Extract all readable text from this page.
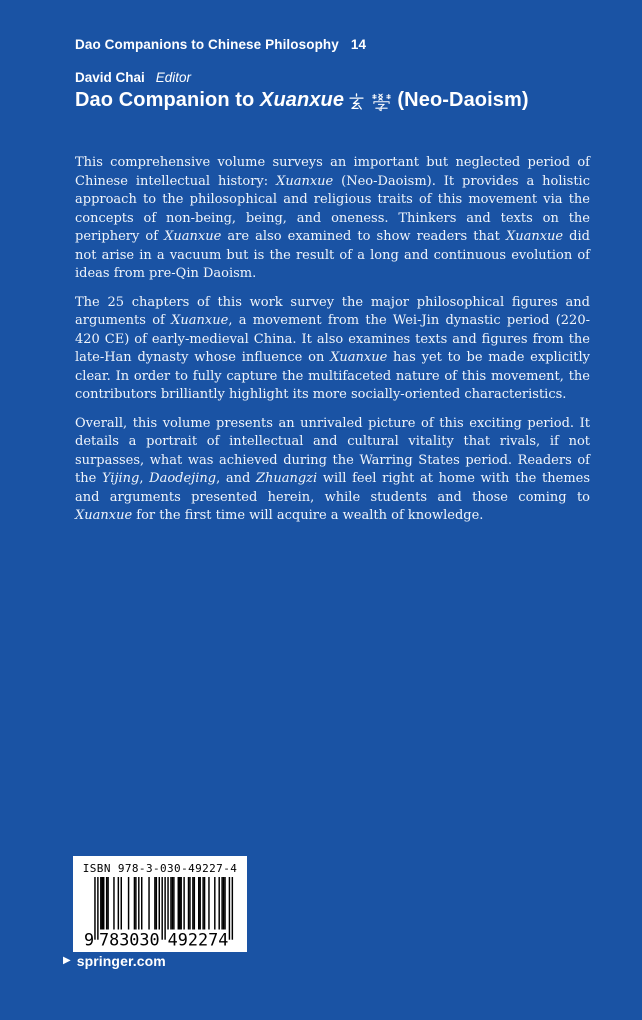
Dao Companions to Chinese Philosophy 14
David Chai Editor
Dao Companion to Xuanxue  (Neo-Daoism)

This comprehensive volume surveys an important but neglected period of Chinese intellectual history: Xuanxue (Neo-Daoism). It provides a holistic approach to the philosophical and religious traits of this movement via the concepts of non-being, being, and oneness. Thinkers and texts on the periphery of Xuanxue are also examined to show readers that Xuanxue did not arise in a vacuum but is the result of a long and continuous evolution of ideas from pre-Qin Daoism.

The 25 chapters of this work survey the major philosophical figures and arguments of Xuanxue, a movement from the Wei-Jin dynastic period (220-420 CE) of early-medieval China. It also examines texts and figures from the late-Han dynasty whose influence on Xuanxue has yet to be made explicitly clear. In order to fully capture the multifaceted nature of this movement, the contributors brilliantly highlight its more socially-oriented characteristics.

Overall, this volume presents an unrivaled picture of this exciting period. It details a portrait of intellectual and cultural vitality that rivals, if not surpasses, what was achieved during the Warring States period. Readers of the Yijing, Daodejing, and Zhuangzi will feel right at home with the themes and arguments presented herein, while students and those coming to Xuanxue for the first time will acquire a wealth of knowledge.

ISBN 978-3-030-49227-4
9 783030 492274
▶ springer.com
